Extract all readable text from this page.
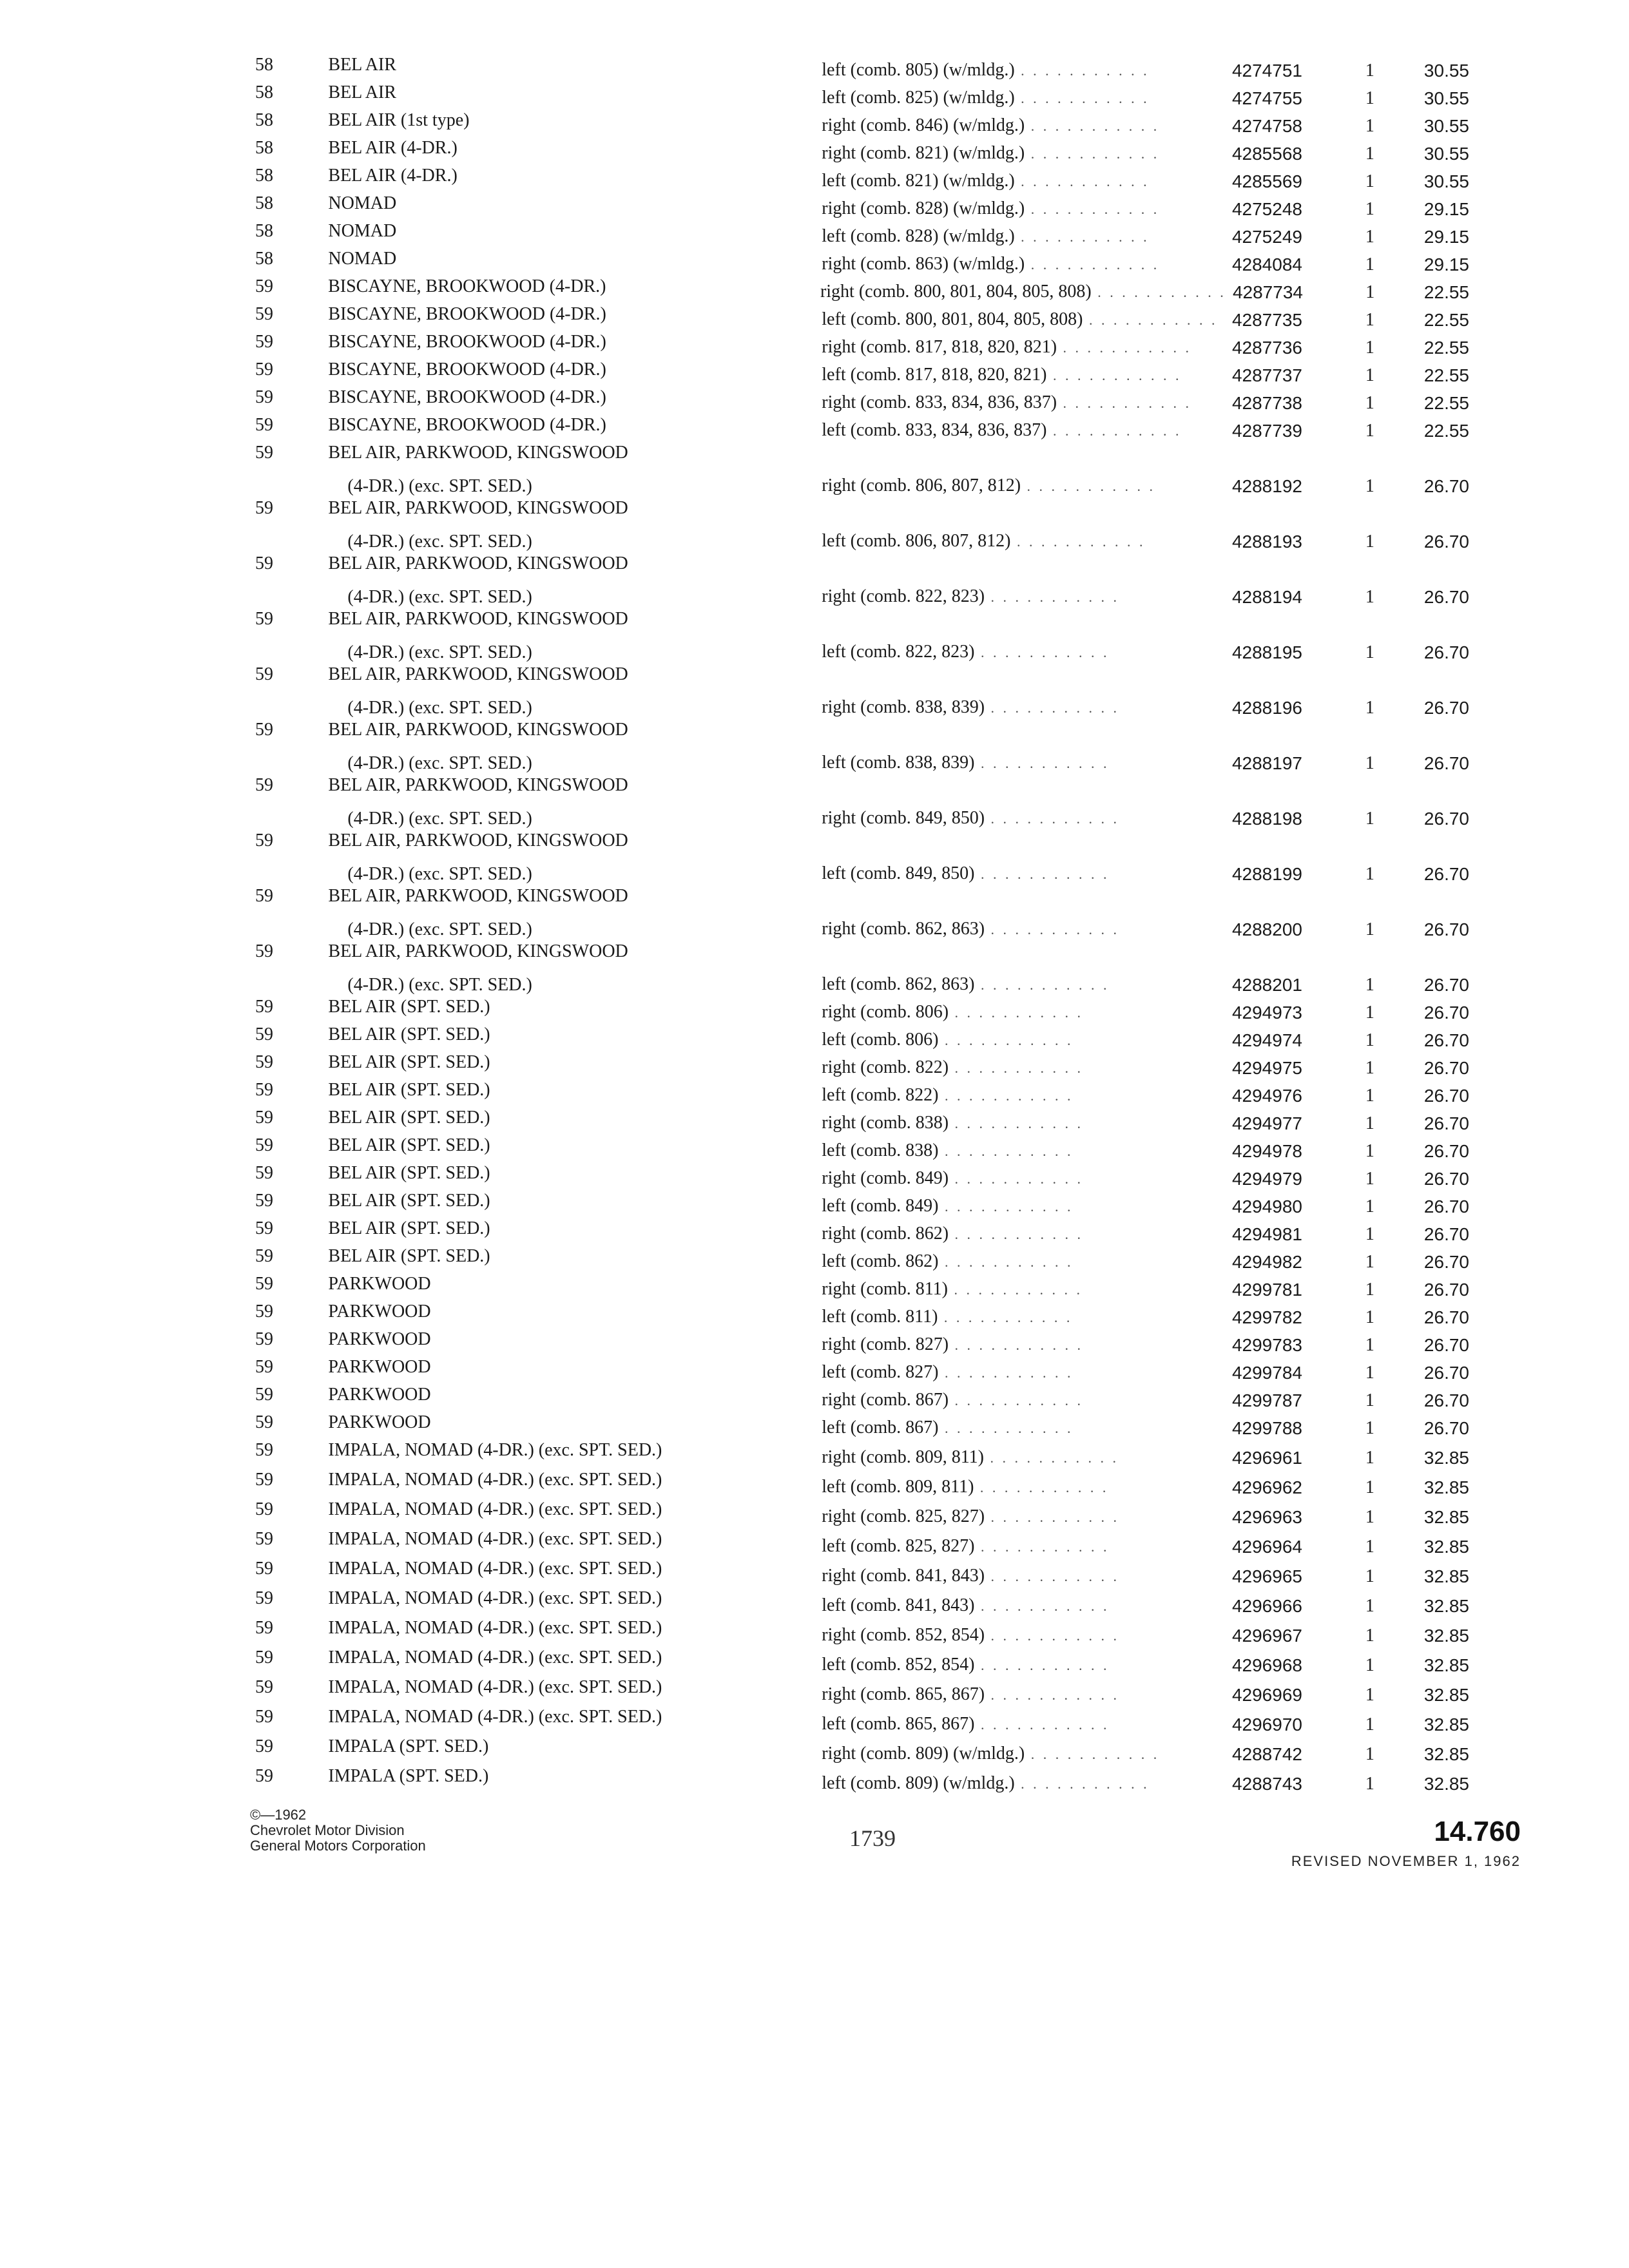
58	BEL AIR	left (comb. 805) (w/mldg.) . . . . . . . . . . .	4274751	1	30.55
58	BEL AIR	left (comb. 825) (w/mldg.) . . . . . . . . . . .	4274755	1	30.55
58	BEL AIR (1st type)	right (comb. 846) (w/mldg.) . . . . . . . . . . .	4274758	1	30.55
58	BEL AIR (4-DR.)	right (comb. 821) (w/mldg.) . . . . . . . . . . .	4285568	1	30.55
58	BEL AIR (4-DR.)	left (comb. 821) (w/mldg.) . . . . . . . . . . .	4285569	1	30.55
58	NOMAD	right (comb. 828) (w/mldg.) . . . . . . . . . . .	4275248	1	29.15
58	NOMAD	left (comb. 828) (w/mldg.) . . . . . . . . . . .	4275249	1	29.15
58	NOMAD	right (comb. 863) (w/mldg.) . . . . . . . . . . .	4284084	1	29.15
59	BISCAYNE, BROOKWOOD (4-DR.)	right (comb. 800, 801, 804, 805, 808) . . . . . . . . . . . 4287734	1	22.55
59	BISCAYNE, BROOKWOOD (4-DR.)	left (comb. 800, 801, 804, 805, 808) . . . . . . . . . . . 4287735	1	22.55
59	BISCAYNE, BROOKWOOD (4-DR.)	right (comb. 817, 818, 820, 821) . . . . . . . . . . .	4287736	1	22.55
59	BISCAYNE, BROOKWOOD (4-DR.)	left (comb. 817, 818, 820, 821) . . . . . . . . . . .	4287737	1	22.55
59	BISCAYNE, BROOKWOOD (4-DR.)	right (comb. 833, 834, 836, 837) . . . . . . . . . . .	4287738	1	22.55
59	BISCAYNE, BROOKWOOD (4-DR.)	left (comb. 833, 834, 836, 837) . . . . . . . . . . .	4287739	1	22.55
59	BEL AIR, PARKWOOD, KINGSWOOD
(4-DR.) (exc. SPT. SED.)	right (comb. 806, 807, 812) . . . . . . . . . . .	4288192	1	26.70
59	BEL AIR, PARKWOOD, KINGSWOOD
(4-DR.) (exc. SPT. SED.)	left (comb. 806, 807, 812) . . . . . . . . . . .	4288193	1	26.70
59	BEL AIR, PARKWOOD, KINGSWOOD
(4-DR.) (exc. SPT. SED.)	right (comb. 822, 823) . . . . . . . . . . .	4288194	1	26.70
59	BEL AIR, PARKWOOD, KINGSWOOD
(4-DR.) (exc. SPT. SED.)	left (comb. 822, 823) . . . . . . . . . . .	4288195	1	26.70
59	BEL AIR, PARKWOOD, KINGSWOOD
(4-DR.) (exc. SPT. SED.)	right (comb. 838, 839) . . . . . . . . . . .	4288196	1	26.70
59	BEL AIR, PARKWOOD, KINGSWOOD
(4-DR.) (exc. SPT. SED.)	left (comb. 838, 839) . . . . . . . . . . .	4288197	1	26.70
59	BEL AIR, PARKWOOD, KINGSWOOD
(4-DR.) (exc. SPT. SED.)	right (comb. 849, 850) . . . . . . . . . . .	4288198	1	26.70
59	BEL AIR, PARKWOOD, KINGSWOOD
(4-DR.) (exc. SPT. SED.)	left (comb. 849, 850) . . . . . . . . . . .	4288199	1	26.70
59	BEL AIR, PARKWOOD, KINGSWOOD
(4-DR.) (exc. SPT. SED.)	right (comb. 862, 863) . . . . . . . . . . .	4288200	1	26.70
59	BEL AIR, PARKWOOD, KINGSWOOD
(4-DR.) (exc. SPT. SED.)	left (comb. 862, 863) . . . . . . . . . . .	4288201	1	26.70
59	BEL AIR (SPT. SED.)	right (comb. 806) . . . . . . . . . . .	4294973	1	26.70
59	BEL AIR (SPT. SED.)	left (comb. 806) . . . . . . . . . . .	4294974	1	26.70
59	BEL AIR (SPT. SED.)	right (comb. 822) . . . . . . . . . . .	4294975	1	26.70
59	BEL AIR (SPT. SED.)	left (comb. 822) . . . . . . . . . . .	4294976	1	26.70
59	BEL AIR (SPT. SED.)	right (comb. 838) . . . . . . . . . . .	4294977	1	26.70
59	BEL AIR (SPT. SED.)	left (comb. 838) . . . . . . . . . . .	4294978	1	26.70
59	BEL AIR (SPT. SED.)	right (comb. 849) . . . . . . . . . . .	4294979	1	26.70
59	BEL AIR (SPT. SED.)	left (comb. 849) . . . . . . . . . . .	4294980	1	26.70
59	BEL AIR (SPT. SED.)	right (comb. 862) . . . . . . . . . . .	4294981	1	26.70
59	BEL AIR (SPT. SED.)	left (comb. 862) . . . . . . . . . . .	4294982	1	26.70
59	PARKWOOD	right (comb. 811) . . . . . . . . . . .	4299781	1	26.70
59	PARKWOOD	left (comb. 811) . . . . . . . . . . .	4299782	1	26.70
59	PARKWOOD	right (comb. 827) . . . . . . . . . . .	4299783	1	26.70
59	PARKWOOD	left (comb. 827) . . . . . . . . . . .	4299784	1	26.70
59	PARKWOOD	right (comb. 867) . . . . . . . . . . .	4299787	1	26.70
59	PARKWOOD	left (comb. 867) . . . . . . . . . . .	4299788	1	26.70
59	IMPALA, NOMAD (4-DR.) (exc. SPT. SED.)	right (comb. 809, 811) . . . . . . . . . . .	4296961	1	32.85
59	IMPALA, NOMAD (4-DR.) (exc. SPT. SED.)	left (comb. 809, 811) . . . . . . . . . . .	4296962	1	32.85
59	IMPALA, NOMAD (4-DR.) (exc. SPT. SED.)	right (comb. 825, 827) . . . . . . . . . . .	4296963	1	32.85
59	IMPALA, NOMAD (4-DR.) (exc. SPT. SED.)	left (comb. 825, 827) . . . . . . . . . . .	4296964	1	32.85
59	IMPALA, NOMAD (4-DR.) (exc. SPT. SED.)	right (comb. 841, 843) . . . . . . . . . . .	4296965	1	32.85
59	IMPALA, NOMAD (4-DR.) (exc. SPT. SED.)	left (comb. 841, 843) . . . . . . . . . . .	4296966	1	32.85
59	IMPALA, NOMAD (4-DR.) (exc. SPT. SED.)	right (comb. 852, 854) . . . . . . . . . . .	4296967	1	32.85
59	IMPALA, NOMAD (4-DR.) (exc. SPT. SED.)	left (comb. 852, 854) . . . . . . . . . . .	4296968	1	32.85
59	IMPALA, NOMAD (4-DR.) (exc. SPT. SED.)	right (comb. 865, 867) . . . . . . . . . . .	4296969	1	32.85
59	IMPALA, NOMAD (4-DR.) (exc. SPT. SED.)	left (comb. 865, 867) . . . . . . . . . . .	4296970	1	32.85
59	IMPALA (SPT. SED.)	right (comb. 809) (w/mldg.) . . . . . . . . . . .	4288742	1	32.85
59	IMPALA (SPT. SED.)	left (comb. 809) (w/mldg.) . . . . . . . . . . .	4288743	1	32.85
©—1962
Chevrolet Motor Division
General Motors Corporation	1739	14.760
REVISED NOVEMBER 1, 1962
